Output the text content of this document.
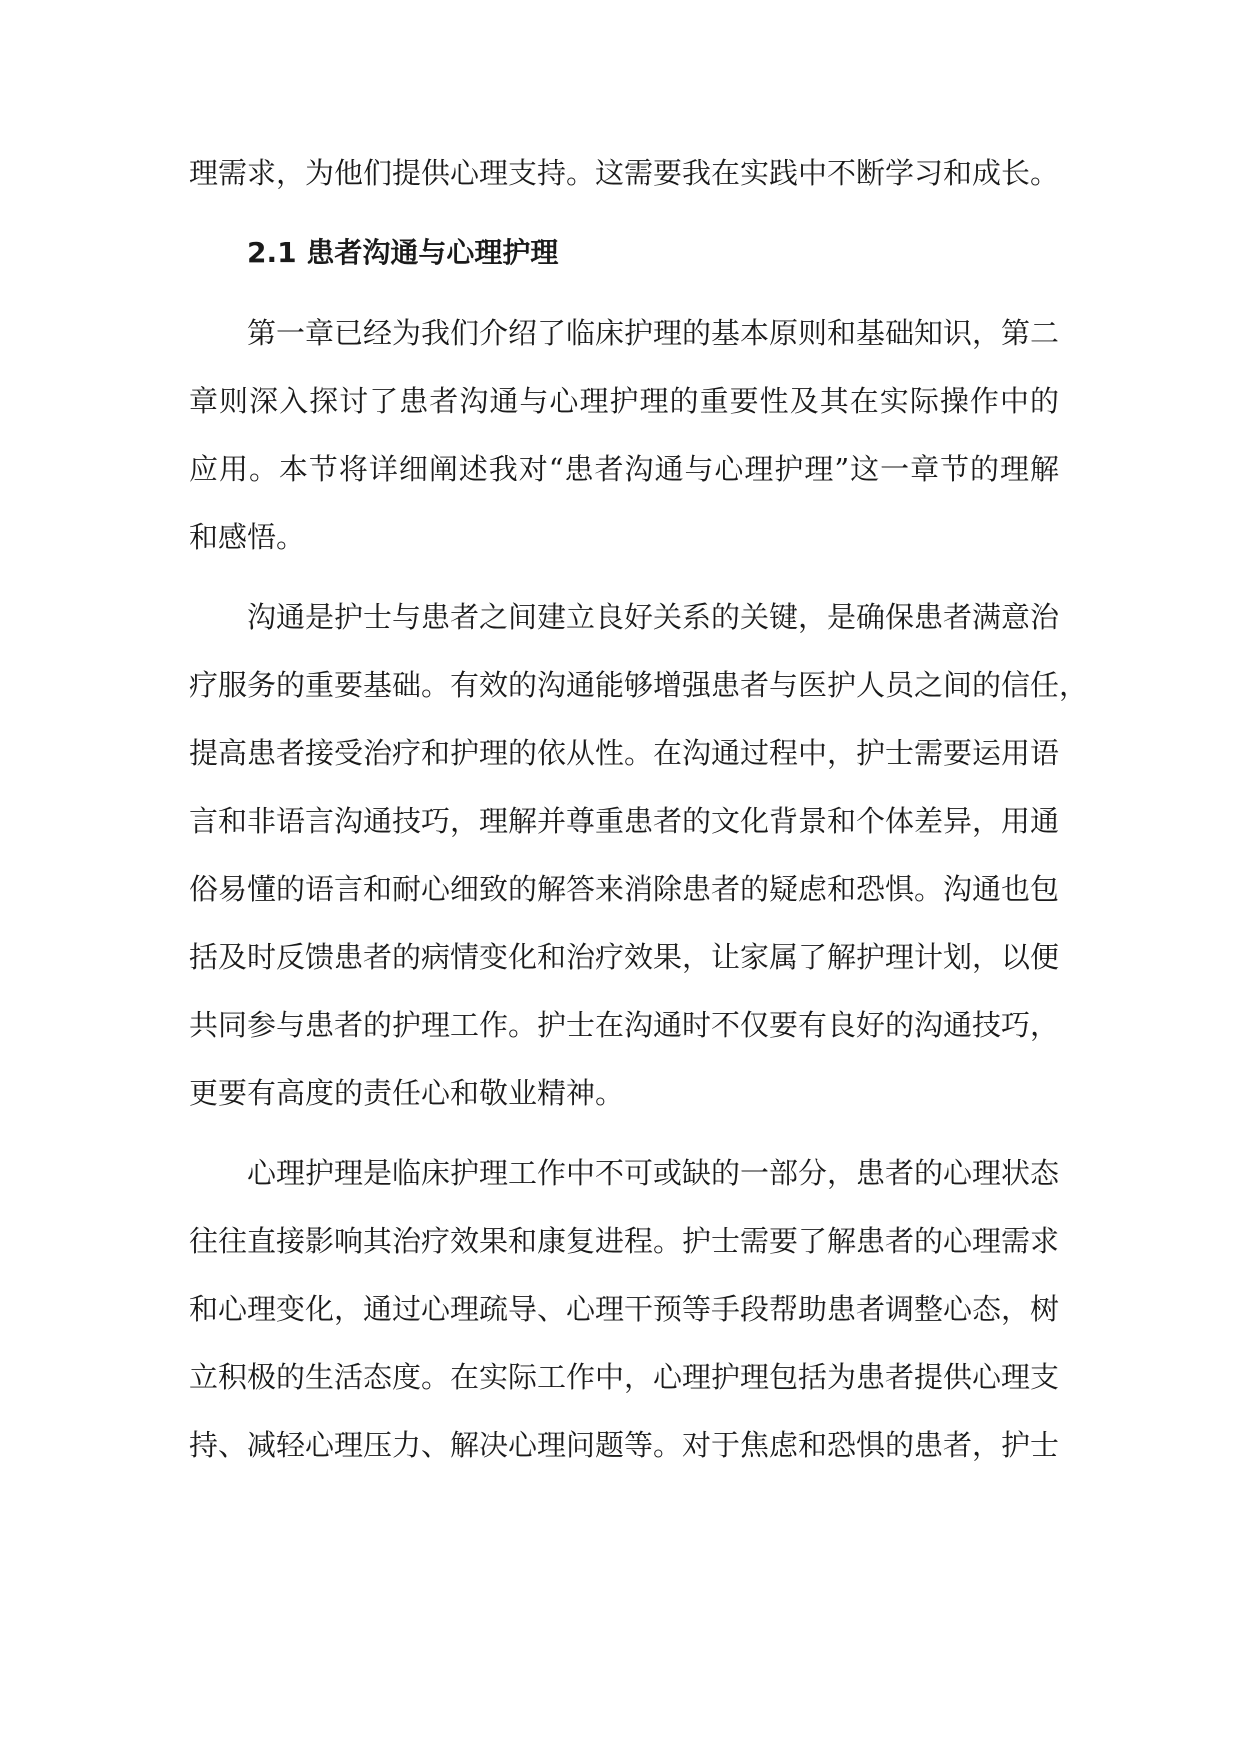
理需求，为他们提供心理支持。这需要我在实践中不断学习和成长。
2.1 患者沟通与心理护理
第一章已经为我们介绍了临床护理的基本原则和基础知识，第二
章则深入探讨了患者沟通与心理护理的重要性及其在实际操作中的
应用。本节将详细阐述我对“患者沟通与心理护理”这一章节的理解
和感悟。
沟通是护士与患者之间建立良好关系的关键，是确保患者满意治
疗服务的重要基础。有效的沟通能够增强患者与医护人员之间的信任，
提高患者接受治疗和护理的依从性。在沟通过程中，护士需要运用语
言和非语言沟通技巧，理解并尊重患者的文化背景和个体差异，用通
俗易懂的语言和耐心细致的解答来消除患者的疑虑和恐惧。沟通也包
括及时反馈患者的病情变化和治疗效果，让家属了解护理计划，以便
共同参与患者的护理工作。护士在沟通时不仅要有良好的沟通技巧，
更要有高度的责任心和敬业精神。
心理护理是临床护理工作中不可或缺的一部分，患者的心理状态
往往直接影响其治疗效果和康复进程。护士需要了解患者的心理需求
和心理变化，通过心理疏导、心理干预等手段帮助患者调整心态，树
立积极的生活态度。在实际工作中，心理护理包括为患者提供心理支
持、减轻心理压力、解决心理问题等。对于焦虑和恐惧的患者，护士
